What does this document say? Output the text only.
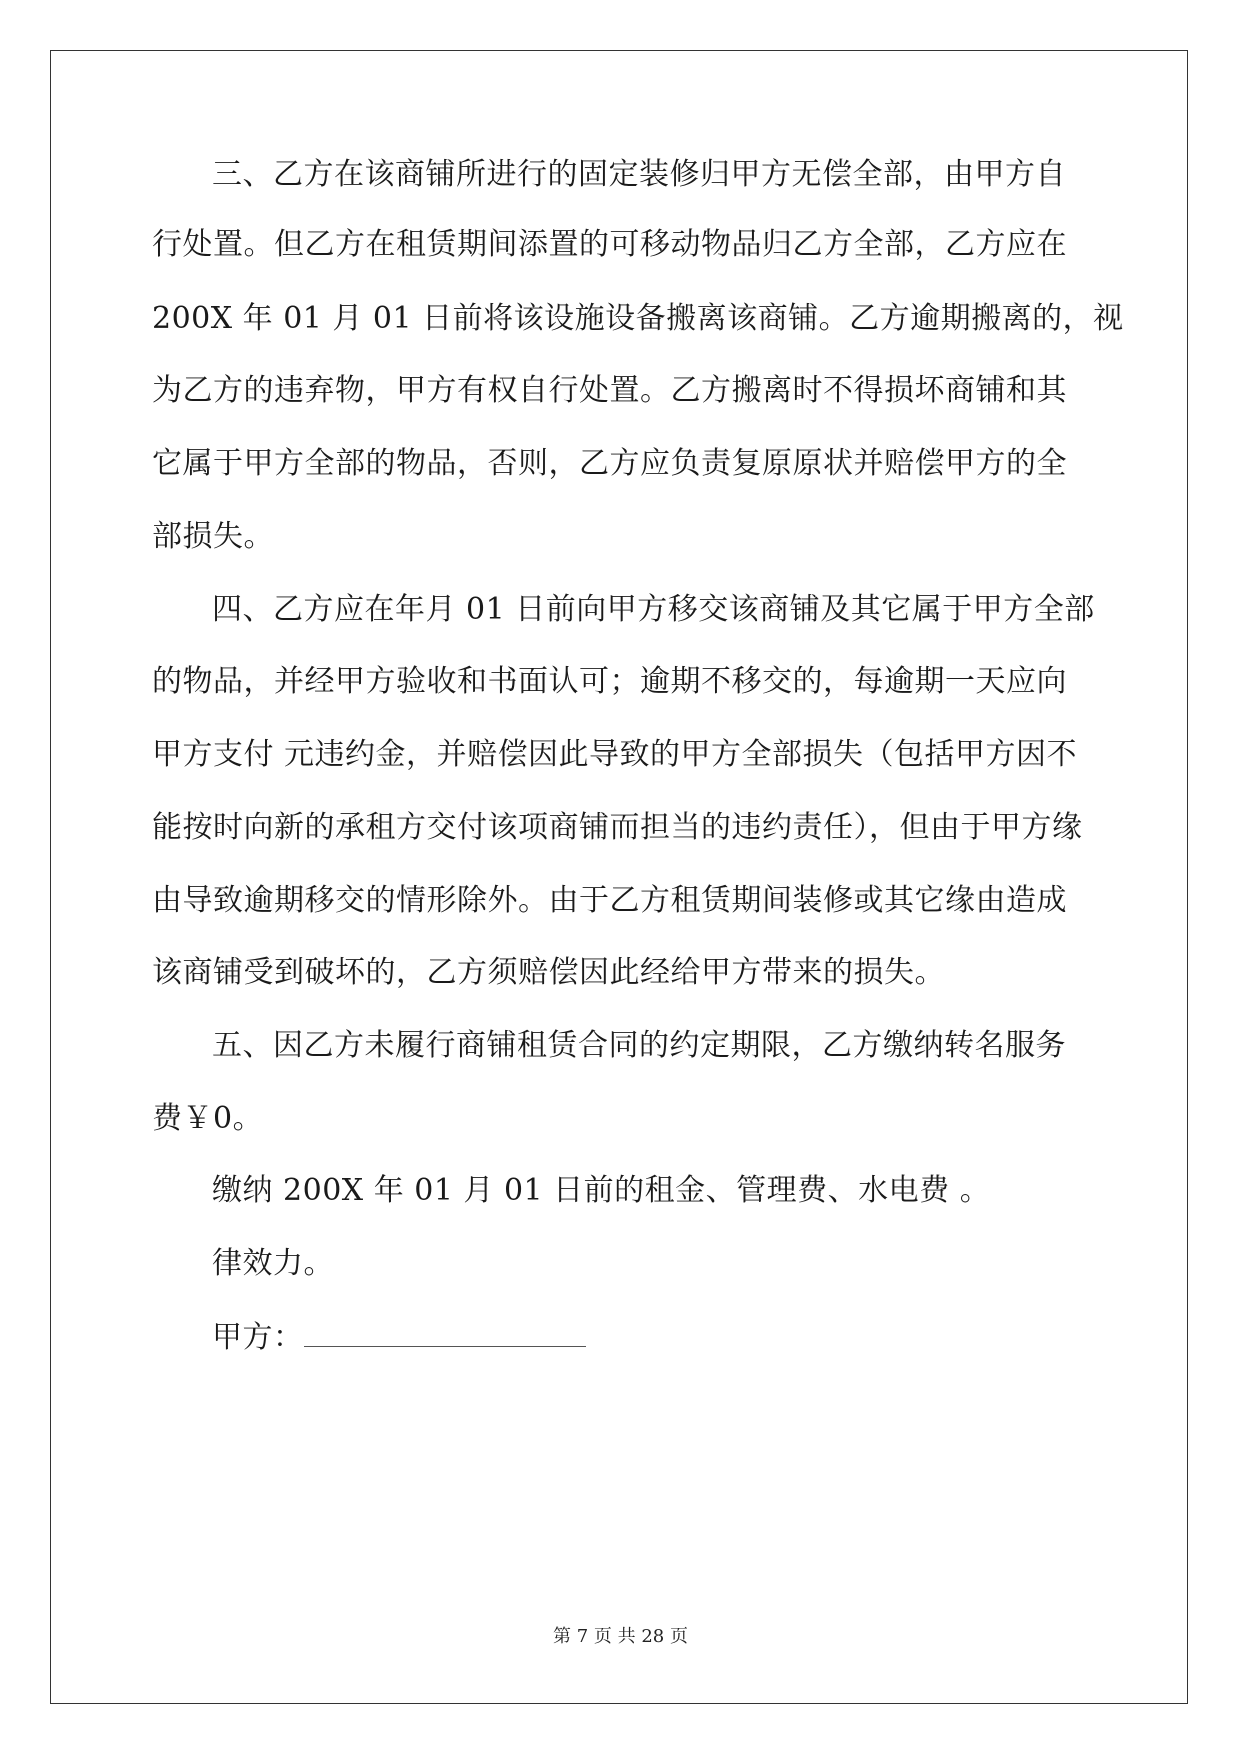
三、乙方在该商铺所进行的固定装修归甲方无偿全部，由甲方自
行处置。但乙方在租赁期间添置的可移动物品归乙方全部，乙方应在
200X 年 01 月 01 日前将该设施设备搬离该商铺。乙方逾期搬离的，视
为乙方的违弃物，甲方有权自行处置。乙方搬离时不得损坏商铺和其
它属于甲方全部的物品，否则，乙方应负责复原原状并赔偿甲方的全
部损失。
四、乙方应在年月 01 日前向甲方移交该商铺及其它属于甲方全部
的物品，并经甲方验收和书面认可；逾期不移交的，每逾期一天应向
甲方支付 元违约金，并赔偿因此导致的甲方全部损失（包括甲方因不
能按时向新的承租方交付该项商铺而担当的违约责任），但由于甲方缘
由导致逾期移交的情形除外。由于乙方租赁期间装修或其它缘由造成
该商铺受到破坏的，乙方须赔偿因此经给甲方带来的损失。
五、因乙方未履行商铺租赁合同的约定期限，乙方缴纳转名服务
费￥0。
缴纳 200X 年 01 月 01 日前的租金、管理费、水电费 。
律效力。
甲方：
第 7 页 共 28 页
